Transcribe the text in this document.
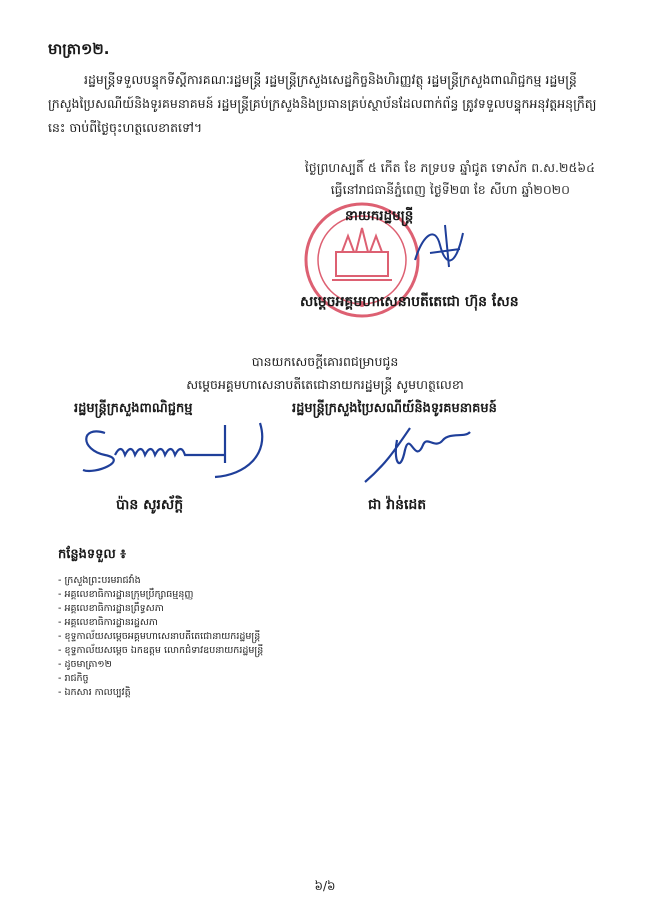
មាត្រា១២.
រដ្ឋមន្ត្រីទទួលបន្ទុកទីស្តីការគណៈរដ្ឋមន្ត្រី រដ្ឋមន្ត្រីក្រសួងសេដ្ឋកិច្ចនិងហិរញ្ញវត្ថុ រដ្ឋមន្ត្រីក្រសួងពាណិជ្ជកម្ម រដ្ឋមន្ត្រីក្រសួងប្រៃសណីយ៍និងទូរគមនាគមន៍ រដ្ឋមន្ត្រីគ្រប់ក្រសួងនិងប្រធានគ្រប់ស្ថាប័នដែលពាក់ព័ន្ធ ត្រូវទទួលបន្ទុកអនុវត្តអនុក្រឹត្យនេះ ចាប់ពីថ្ងៃចុះហត្ថលេខាតទៅ។
ថ្ងៃព្រហស្បតិ៍ ៥ កើត ខែ ភទ្របទ ឆ្នាំជូត ទោស័ក ព.ស.២៥៦៤
ធ្វើនៅរាជធានីភ្នំពេញ ថ្ងៃទី២៣ ខែ សីហា ឆ្នាំ២០២០
នាយករដ្ឋមន្ត្រី
សម្តេចអគ្គមហាសេនាបតីតេជោ ហ៊ុន សែន
បានយកសេចក្តីគោរពជម្រាបជូន
សម្តេចអគ្គមហាសេនាបតីតេជោនាយករដ្ឋមន្ត្រី សូមហត្ថលេខា
រដ្ឋមន្ត្រីក្រសួងពាណិជ្ជកម្ម	រដ្ឋមន្ត្រីក្រសួងប្រៃសណីយ៍និងទូរគមនាគមន៍
ប៉ាន សូរស័ក្តិ	ជា វ៉ាន់ដេត
កន្លែងទទួល ៖
- ក្រសួងព្រះបរមរាជវាំង
- អគ្គលេខាធិការដ្ឋានក្រុមប្រឹក្សាធម្មនុញ្ញ
- អគ្គលេខាធិការដ្ឋានព្រឹទ្ធសភា
- អគ្គលេខាធិការដ្ឋានរដ្ឋសភា
- ខុទ្ទកាល័យសម្តេចអគ្គមហាសេនាបតីតេជោនាយករដ្ឋមន្ត្រី
- ខុទ្ទកាល័យសម្តេច ឯកឧត្តម លោកជំទាវឧបនាយករដ្ឋមន្ត្រី
- ដូចមាត្រា១២
- រាជកិច្ច
- ឯកសារ កាលប្បវត្តិ
៦/៦
